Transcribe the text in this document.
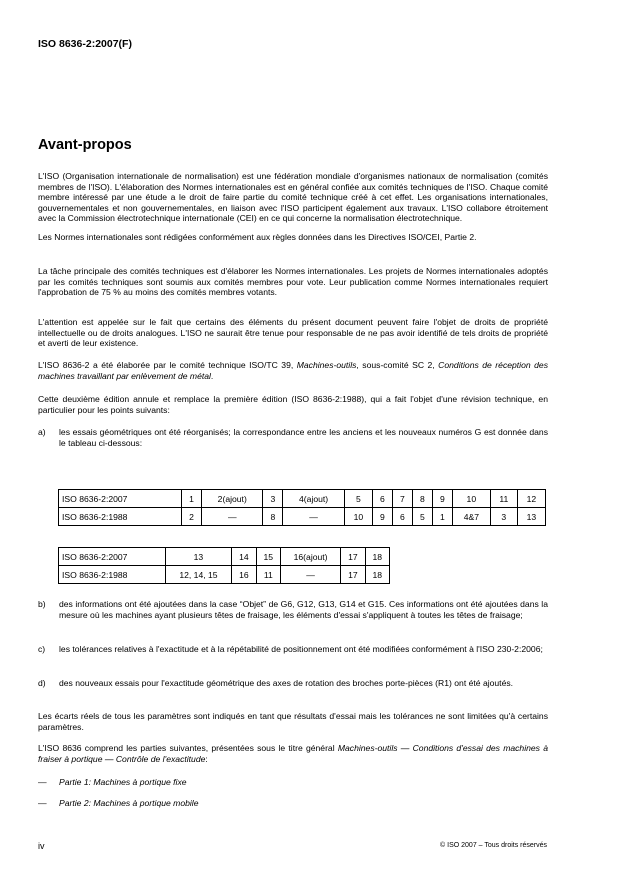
ISO 8636-2:2007(F)
Avant-propos
L'ISO (Organisation internationale de normalisation) est une fédération mondiale d'organismes nationaux de normalisation (comités membres de l'ISO). L'élaboration des Normes internationales est en général confiée aux comités techniques de l'ISO. Chaque comité membre intéressé par une étude a le droit de faire partie du comité technique créé à cet effet. Les organisations internationales, gouvernementales et non gouvernementales, en liaison avec l'ISO participent également aux travaux. L'ISO collabore étroitement avec la Commission électrotechnique internationale (CEI) en ce qui concerne la normalisation électrotechnique.
Les Normes internationales sont rédigées conformément aux règles données dans les Directives ISO/CEI, Partie 2.
La tâche principale des comités techniques est d'élaborer les Normes internationales. Les projets de Normes internationales adoptés par les comités techniques sont soumis aux comités membres pour vote. Leur publication comme Normes internationales requiert l'approbation de 75 % au moins des comités membres votants.
L'attention est appelée sur le fait que certains des éléments du présent document peuvent faire l'objet de droits de propriété intellectuelle ou de droits analogues. L'ISO ne saurait être tenue pour responsable de ne pas avoir identifié de tels droits de propriété et averti de leur existence.
L'ISO 8636-2 a été élaborée par le comité technique ISO/TC 39, Machines-outils, sous-comité SC 2, Conditions de réception des machines travaillant par enlèvement de métal.
Cette deuxième édition annule et remplace la première édition (ISO 8636-2:1988), qui a fait l'objet d'une révision technique, en particulier pour les points suivants:
a) les essais géométriques ont été réorganisés; la correspondance entre les anciens et les nouveaux numéros G est donnée dans le tableau ci-dessous:
ISO 8636-2:2007	1	2(ajout)	3	4(ajout)	5	6	7	8	9	10	11	12
ISO 8636-2:1988	2	—	8	—	10	9	6	5	1	4&7	3	13
ISO 8636-2:2007	13	14	15	16(ajout)	17	18
ISO 8636-2:1988	12, 14, 15	16	11	—	17	18
b) des informations ont été ajoutées dans la case “Objet” de G6, G12, G13, G14 et G15. Ces informations ont été ajoutées dans la mesure où les machines ayant plusieurs têtes de fraisage, les éléments d'essai s'appliquent à toutes les têtes de fraisage;
c) les tolérances relatives à l'exactitude et à la répétabilité de positionnement ont été modifiées conformément à l'ISO 230-2:2006;
d) des nouveaux essais pour l'exactitude géométrique des axes de rotation des broches porte-pièces (R1) ont été ajoutés.
Les écarts réels de tous les paramètres sont indiqués en tant que résultats d'essai mais les tolérances ne sont limitées qu'à certains paramètres.
L'ISO 8636 comprend les parties suivantes, présentées sous le titre général Machines-outils — Conditions d'essai des machines à fraiser à portique — Contrôle de l'exactitude:
— Partie 1: Machines à portique fixe
— Partie 2: Machines à portique mobile
iv	© ISO 2007 – Tous droits réservés
